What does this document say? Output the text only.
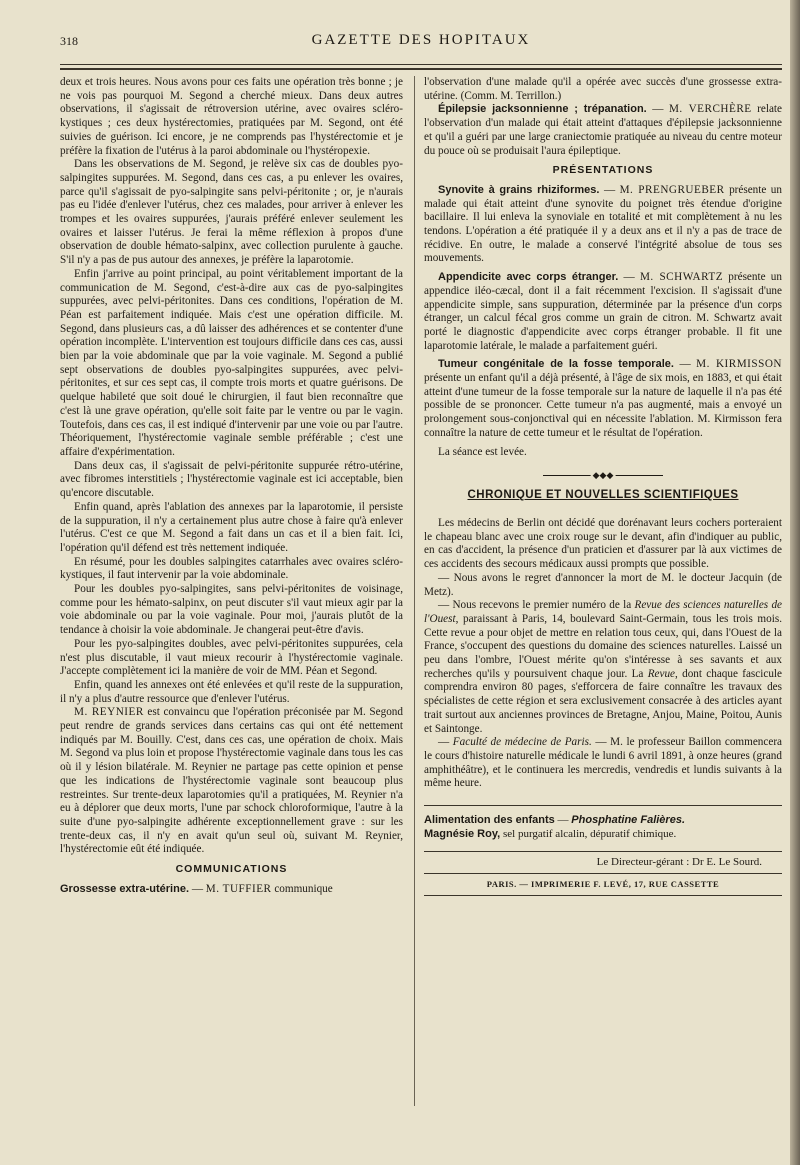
318	GAZETTE DES HOPITAUX

deux et trois heures. Nous avons pour ces faits une opération très bonne ; je ne vois pas pourquoi M. Segond a cherché mieux. Dans deux autres observations, il s'agissait de rétroversion utérine, avec ovaires scléro-kystiques ; ces deux hystérectomies, pratiquées par M. Segond, ont été suivies de guérison. Ici encore, je ne comprends pas l'hystérectomie et je préfère la fixation de l'utérus à la paroi abdominale ou l'hystéropexie.

Dans les observations de M. Segond, je relève six cas de doubles pyo-salpingites suppurées. M. Segond, dans ces cas, a pu enlever les ovaires, parce qu'il s'agissait de pyo-salpingite sans pelvi-péritonite ; or, je n'aurais pas eu l'idée d'enlever l'utérus, chez ces malades, pour arriver à enlever les trompes et les ovaires suppurées, j'aurais préféré enlever seulement les ovaires et laisser l'utérus. Je ferai la même réflexion à propos d'une observation de double hémato-salpinx, avec collection purulente à gauche. S'il n'y a pas de pus autour des annexes, je préfère la laparotomie.

Enfin j'arrive au point principal, au point véritablement important de la communication de M. Segond, c'est-à-dire aux cas de pyo-salpingites suppurées, avec pelvi-péritonites. Dans ces conditions, l'opération de M. Péan est parfaitement indiquée. Mais c'est une opération difficile. M. Segond, dans plusieurs cas, a dû laisser des adhérences et se contenter d'une opération incomplète. L'intervention est toujours difficile dans ces cas, aussi bien par la voie abdominale que par la voie vaginale. M. Segond a publié sept observations de doubles pyo-salpingites suppurées, avec pelvi-péritonites, et sur ces sept cas, il compte trois morts et quatre guérisons. De quelque habileté que soit doué le chirurgien, il faut bien reconnaître que c'est là une grave opération, qu'elle soit faite par le ventre ou par le vagin. Toutefois, dans ces cas, il est indiqué d'intervenir par une voie ou par l'autre. Théoriquement, l'hystérectomie vaginale semble préférable ; c'est une affaire d'expérimentation.

Dans deux cas, il s'agissait de pelvi-péritonite suppurée rétro-utérine, avec fibromes interstitiels ; l'hystérectomie vaginale est ici acceptable, bien qu'encore discutable.

Enfin quand, après l'ablation des annexes par la laparotomie, il persiste de la suppuration, il n'y a certainement plus autre chose à faire qu'à enlever l'utérus. C'est ce que M. Segond a fait dans un cas et il a bien fait. Ici, l'opération qu'il défend est très nettement indiquée.

En résumé, pour les doubles salpingites catarrhales avec ovaires scléro-kystiques, il faut intervenir par la voie abdominale.

Pour les doubles pyo-salpingites, sans pelvi-péritonites de voisinage, comme pour les hémato-salpinx, on peut discuter s'il vaut mieux agir par la voie abdominale ou par la voie vaginale. Pour moi, j'aurais plutôt de la tendance à choisir la voie abdominale. Je changerai peut-être d'avis.

Pour les pyo-salpingites doubles, avec pelvi-péritonites suppurées, cela n'est plus discutable, il vaut mieux recourir à l'hystérectomie vaginale. J'accepte complètement ici la manière de voir de MM. Péan et Segond.

Enfin, quand les annexes ont été enlevées et qu'il reste de la suppuration, il n'y a plus d'autre ressource que d'enlever l'utérus.

M. REYNIER est convaincu que l'opération préconisée par M. Segond peut rendre de grands services dans certains cas qui ont été nettement indiqués par M. Bouilly. C'est, dans ces cas, une opération de choix. Mais M. Segond va plus loin et propose l'hystérectomie vaginale dans tous les cas où il y lésion bilatérale. M. Reynier ne partage pas cette opinion et pense que les indications de l'hystérectomie vaginale sont beaucoup plus restreintes. Sur trente-deux laparotomies qu'il a pratiquées, M. Reynier n'a eu à déplorer que deux morts, l'une par schock chloroformique, l'autre à la suite d'une pyo-salpingite adhérente exceptionnellement grave : sur les trente-deux cas, il n'y en avait qu'un seul où, suivant M. Reynier, l'hystérectomie eût été indiquée.

COMMUNICATIONS

Grossesse extra-utérine. — M. TUFFIER communique

l'observation d'une malade qu'il a opérée avec succès d'une grossesse extra-utérine. (Comm. M. Terrillon.)

Épilepsie jacksonnienne ; trépanation. — M. VERCHÈRE relate l'observation d'un malade qui était atteint d'attaques d'épilepsie jacksonnienne et qu'il a guéri par une large craniectomie pratiquée au niveau du centre moteur du pouce où se produisait l'aura épileptique.

PRÉSENTATIONS

Synovite à grains rhiziformes. — M. PRENGRUEBER présente un malade qui était atteint d'une synovite du poignet très étendue d'origine bacillaire. Il lui enleva la synoviale en totalité et mit complètement à nu les tendons. L'opération a été pratiquée il y a deux ans et il n'y a pas de trace de récidive. En outre, le malade a conservé l'intégrité absolue de tous ses mouvements.

Appendicite avec corps étranger. — M. SCHWARTZ présente un appendice iléo-cæcal, dont il a fait récemment l'excision. Il s'agissait d'une appendicite simple, sans suppuration, déterminée par la présence d'un corps étranger, un calcul fécal gros comme un grain de citron. M. Schwartz avait porté le diagnostic d'appendicite avec corps étranger probable. Il fit une laparotomie latérale, le malade a parfaitement guéri.

Tumeur congénitale de la fosse temporale. — M. KIRMISSON présente un enfant qu'il a déjà présenté, à l'âge de six mois, en 1883, et qui était atteint d'une tumeur de la fosse temporale sur la nature de laquelle il n'a pas été possible de se prononcer. Cette tumeur n'a pas augmenté, mais a envoyé un prolongement sous-conjonctival qui en nécessite l'ablation. M. Kirmisson fera connaître la nature de cette tumeur et le résultat de l'opération.

La séance est levée.

◆◆◆
CHRONIQUE ET NOUVELLES SCIENTIFIQUES

Les médecins de Berlin ont décidé que dorénavant leurs cochers porteraient le chapeau blanc avec une croix rouge sur le devant, afin d'indiquer au public, en cas d'accident, la présence d'un praticien et d'assurer par là aux victimes de ces accidents des secours médicaux aussi prompts que possible.

— Nous avons le regret d'annoncer la mort de M. le docteur Jacquin (de Metz).

— Nous recevons le premier numéro de la Revue des sciences naturelles de l'Ouest, paraissant à Paris, 14, boulevard Saint-Germain, tous les trois mois. Cette revue a pour objet de mettre en relation tous ceux, qui, dans l'Ouest de la France, s'occupent des questions du domaine des sciences naturelles. Laissé un peu dans l'ombre, l'Ouest mérite qu'on s'intéresse à ses savants et aux recherches qu'ils y poursuivent chaque jour. La Revue, dont chaque fascicule comprendra environ 80 pages, s'efforcera de faire connaître les travaux des spécialistes de cette région et sera exclusivement consacrée à des articles ayant trait surtout aux anciennes provinces de Bretagne, Anjou, Maine, Poitou, Aunis et Saintonge.

— Faculté de médecine de Paris. — M. le professeur Baillon commencera le cours d'histoire naturelle médicale le lundi 6 avril 1891, à onze heures (grand amphithéâtre), et le continuera les mercredis, vendredis et lundis suivants à la même heure.

Alimentation des enfants — Phosphatine Falières.

Magnésie Roy, sel purgatif alcalin, dépuratif chimique.

Le Directeur-gérant : Dr E. Le Sourd.
PARIS. — IMPRIMERIE F. LEVÉ, 17, RUE CASSETTE
